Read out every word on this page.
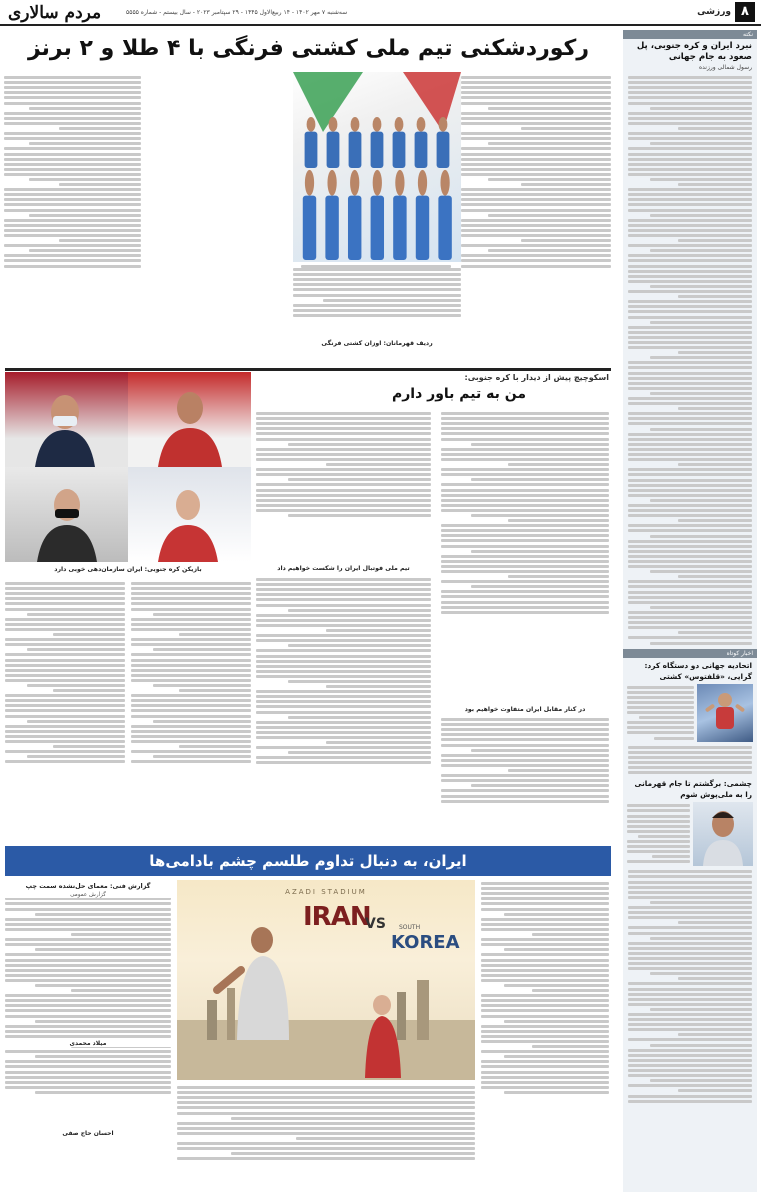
۸
ورزشی
سه‌شنبه ۷ مهر ۱۴۰۲ - ۱۴ ربیع‌الاول ۱۴۴۵ - ۲۹ سپتامبر ۲۰۲۳ - سال بیستم - شماره ۵۵۵۵
مردم سالاری
نکته
نبرد ایران و کره جنوبی، پل صعود به جام جهانی
رسول شمالی ورزنده
اخبار کوتاه
اتحادیه جهانی دو دستگاه کرد: گرایی، «قلفتوس» کشتی
چشمی: برگشتم تا جام قهرمانی را به ملی‌پوش شوم
رکوردشکنی تیم ملی کشتی فرنگی با ۴ طلا و ۲ برنز
ردیف قهرمانان: اوزان کشتی فرنگی
اسکوچیچ پیش از دیدار با کره جنوبی:
من به تیم باور دارم
بازیکن کره جنوبی: ایران سازمان‌دهی خوبی دارد	تیم ملی فوتبال ایران را شکست خواهیم داد
در کنار مقابل ایران متفاوت خواهیم بود
ایران، به دنبال تداوم طلسم چشم بادامی‌ها
AZADI STADIUM
IRAN
VS SOUTH
KOREA
گزارش فنی: معمای حل‌نشده سمت چپ
گزارش عمومی
میلاد محمدی
احسان حاج صفی
